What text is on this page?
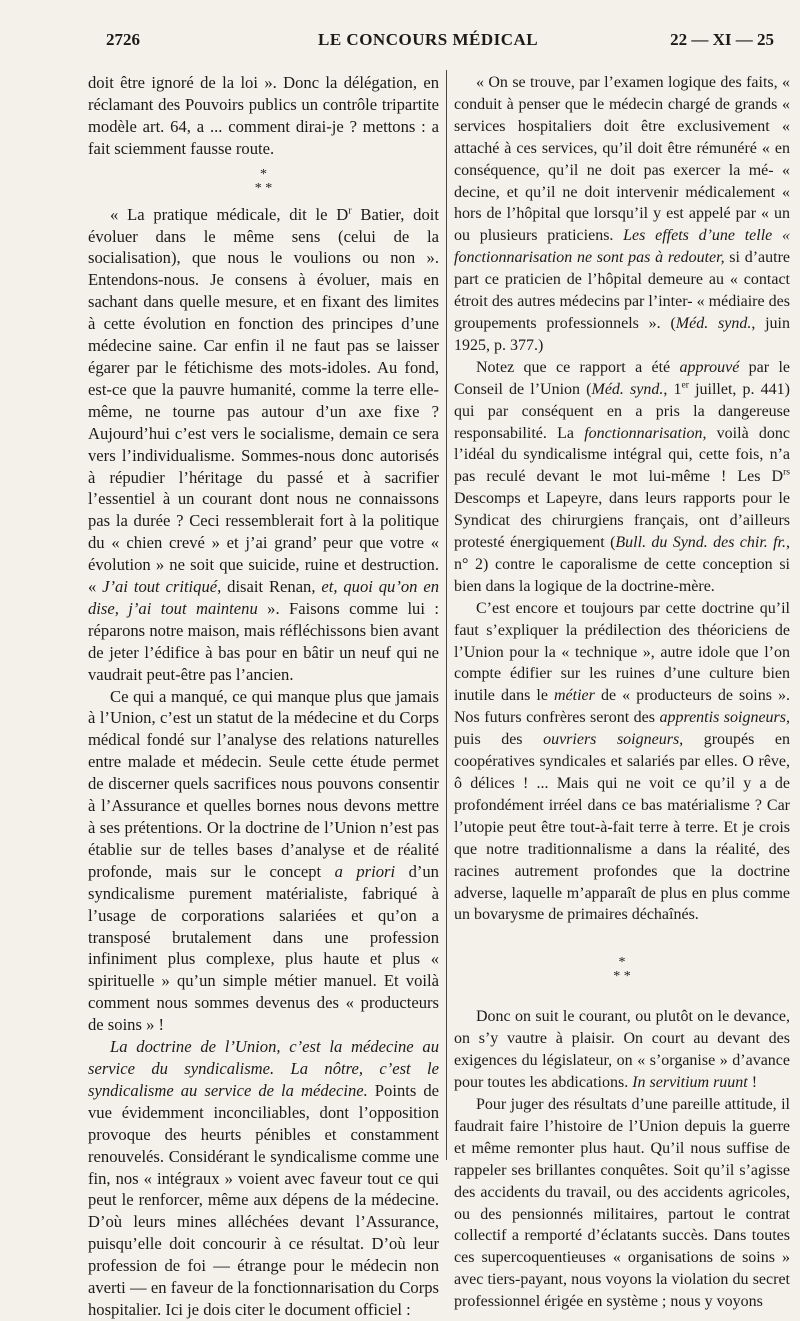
2726	LE CONCOURS MÉDICAL	22 — XI — 25

doit être ignoré de la loi ». Donc la délégation, en réclamant des Pouvoirs publics un contrôle tripartite modèle art. 64, a ... comment dirai-je ? mettons : a fait sciemment fausse route.

*
* *

« La pratique médicale, dit le $D^r$ Batier, doit évoluer dans le même sens (celui de la socialisation), que nous le voulions ou non ». Entendons-nous. Je consens à évoluer, mais en sachant dans quelle mesure, et en fixant des limites à cette évolution en fonction des principes d’une médecine saine. Car enfin il ne faut pas se laisser égarer par le fétichisme des mots-idoles. Au fond, est-ce que la pauvre humanité, comme la terre elle-même, ne tourne pas autour d’un axe fixe ? Aujourd’hui c’est vers le socialisme, demain ce sera vers l’individualisme. Sommes-nous donc autorisés à répudier l’héritage du passé et à sacrifier l’essentiel à un courant dont nous ne connaissons pas la durée ? Ceci ressemblerait fort à la politique du « chien crevé » et j’ai grand’ peur que votre « évolution » ne soit que suicide, ruine et destruction. « J’ai tout critiqué, disait Renan, et, quoi qu’on en dise, j’ai tout maintenu ». Faisons comme lui : réparons notre maison, mais réfléchissons bien avant de jeter l’édifice à bas pour en bâtir un neuf qui ne vaudrait peut-être pas l’ancien.

Ce qui a manqué, ce qui manque plus que jamais à l’Union, c’est un statut de la médecine et du Corps médical fondé sur l’analyse des relations naturelles entre malade et médecin. Seule cette étude permet de discerner quels sacrifices nous pouvons consentir à l’Assurance et quelles bornes nous devons mettre à ses prétentions. Or la doctrine de l’Union n’est pas établie sur de telles bases d’analyse et de réalité profonde, mais sur le concept a priori d’un syndicalisme purement matérialiste, fabriqué à l’usage de corporations salariées et qu’on a transposé brutalement dans une profession infiniment plus complexe, plus haute et plus « spirituelle » qu’un simple métier manuel. Et voilà comment nous sommes devenus des « producteurs de soins » !

La doctrine de l’Union, c’est la médecine au service du syndicalisme. La nôtre, c’est le syndicalisme au service de la médecine. Points de vue évidemment inconciliables, dont l’opposition provoque des heurts pénibles et constamment renouvelés. Considérant le syndicalisme comme une fin, nos « intégraux » voient avec faveur tout ce qui peut le renforcer, même aux dépens de la médecine. D’où leurs mines alléchées devant l’Assurance, puisqu’elle doit concourir à ce résultat. D’où leur profession de foi — étrange pour le médecin non averti — en faveur de la fonctionnarisation du Corps hospitalier. Ici je dois citer le document officiel :

« On se trouve, par l’examen logique des faits, « conduit à penser que le médecin chargé de grands « services hospitaliers doit être exclusivement « attaché à ces services, qu’il doit être rémunéré « en conséquence, qu’il ne doit pas exercer la mé- « decine, et qu’il ne doit intervenir médicalement « hors de l’hôpital que lorsqu’il y est appelé par « un ou plusieurs praticiens. Les effets d’une telle « fonctionnarisation ne sont pas à redouter, si d’autre part ce praticien de l’hôpital demeure au « contact étroit des autres médecins par l’inter- « médiaire des groupements professionnels ». (Méd. synd., juin 1925, p. 377.)

Notez que ce rapport a été approuvé par le Conseil de l’Union (Méd. synd., 1er juillet, p. 441) qui par conséquent en a pris la dangereuse responsabilité. La fonctionnarisation, voilà donc l’idéal du syndicalisme intégral qui, cette fois, n’a pas reculé devant le mot lui-même ! Les $D^{rs}$ Descomps et Lapeyre, dans leurs rapports pour le Syndicat des chirurgiens français, ont d’ailleurs protesté énergiquement (Bull. du Synd. des chir. fr., n° 2) contre le caporalisme de cette conception si bien dans la logique de la doctrine-mère.

C’est encore et toujours par cette doctrine qu’il faut s’expliquer la prédilection des théoriciens de l’Union pour la « technique », autre idole que l’on compte édifier sur les ruines d’une culture bien inutile dans le métier de « producteurs de soins ». Nos futurs confrères seront des apprentis soigneurs, puis des ouvriers soigneurs, groupés en coopératives syndicales et salariés par elles. O rêve, ô délices ! ... Mais qui ne voit ce qu’il y a de profondément irréel dans ce bas matérialisme ? Car l’utopie peut être tout-à-fait terre à terre. Et je crois que notre traditionnalisme a dans la réalité, des racines autrement profondes que la doctrine adverse, laquelle m’apparaît de plus en plus comme un bovarysme de primaires déchaînés.

*
* *

Donc on suit le courant, ou plutôt on le devance, on s’y vautre à plaisir. On court au devant des exigences du législateur, on « s’organise » d’avance pour toutes les abdications. In servitium ruunt !

Pour juger des résultats d’une pareille attitude, il faudrait faire l’histoire de l’Union depuis la guerre et même remonter plus haut. Qu’il nous suffise de rappeler ses brillantes conquêtes. Soit qu’il s’agisse des accidents du travail, ou des accidents agricoles, ou des pensionnés militaires, partout le contrat collectif a remporté d’éclatants succès. Dans toutes ces supercoquentieuses « organisations de soins » avec tiers-payant, nous voyons la violation du secret professionnel érigée en système ; nous y voyons
